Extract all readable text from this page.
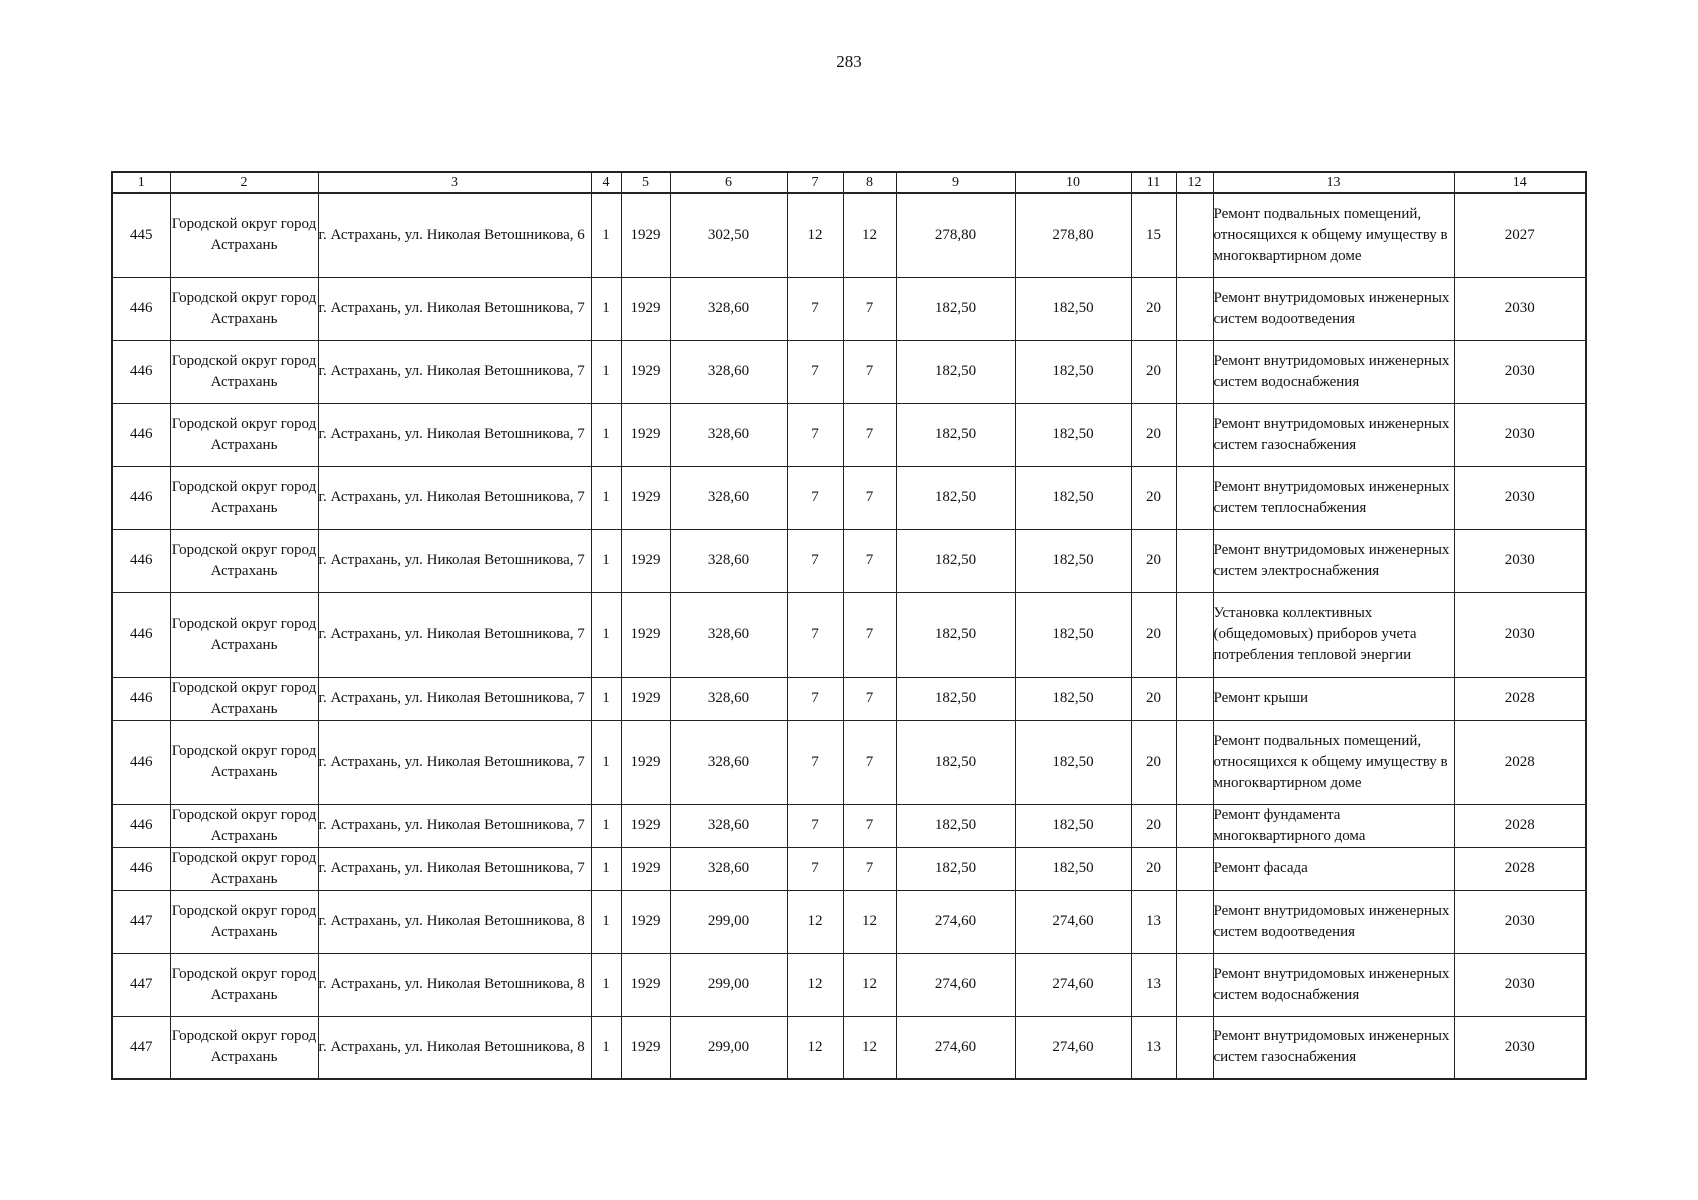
283
1	2	3	4	5	6	7	8	9	10	11	12	13	14
445	Городской округ город Астрахань	г. Астрахань, ул. Николая Ветошникова, 6	1	1929	302,50	12	12	278,80	278,80	15		Ремонт подвальных помещений, относящихся к общему имуществу в многоквартирном доме	2027
446	Городской округ город Астрахань	г. Астрахань, ул. Николая Ветошникова, 7	1	1929	328,60	7	7	182,50	182,50	20		Ремонт внутридомовых инженерных систем водоотведения	2030
446	Городской округ город Астрахань	г. Астрахань, ул. Николая Ветошникова, 7	1	1929	328,60	7	7	182,50	182,50	20		Ремонт внутридомовых инженерных систем водоснабжения	2030
446	Городской округ город Астрахань	г. Астрахань, ул. Николая Ветошникова, 7	1	1929	328,60	7	7	182,50	182,50	20		Ремонт внутридомовых инженерных систем газоснабжения	2030
446	Городской округ город Астрахань	г. Астрахань, ул. Николая Ветошникова, 7	1	1929	328,60	7	7	182,50	182,50	20		Ремонт внутридомовых инженерных систем теплоснабжения	2030
446	Городской округ город Астрахань	г. Астрахань, ул. Николая Ветошникова, 7	1	1929	328,60	7	7	182,50	182,50	20		Ремонт внутридомовых инженерных систем электроснабжения	2030
446	Городской округ город Астрахань	г. Астрахань, ул. Николая Ветошникова, 7	1	1929	328,60	7	7	182,50	182,50	20		Установка коллективных (общедомовых) приборов учета потребления тепловой энергии	2030
446	Городской округ город Астрахань	г. Астрахань, ул. Николая Ветошникова, 7	1	1929	328,60	7	7	182,50	182,50	20		Ремонт крыши	2028
446	Городской округ город Астрахань	г. Астрахань, ул. Николая Ветошникова, 7	1	1929	328,60	7	7	182,50	182,50	20		Ремонт подвальных помещений, относящихся к общему имуществу в многоквартирном доме	2028
446	Городской округ город Астрахань	г. Астрахань, ул. Николая Ветошникова, 7	1	1929	328,60	7	7	182,50	182,50	20		Ремонт фундамента многоквартирного дома	2028
446	Городской округ город Астрахань	г. Астрахань, ул. Николая Ветошникова, 7	1	1929	328,60	7	7	182,50	182,50	20		Ремонт фасада	2028
447	Городской округ город Астрахань	г. Астрахань, ул. Николая Ветошникова, 8	1	1929	299,00	12	12	274,60	274,60	13		Ремонт внутридомовых инженерных систем водоотведения	2030
447	Городской округ город Астрахань	г. Астрахань, ул. Николая Ветошникова, 8	1	1929	299,00	12	12	274,60	274,60	13		Ремонт внутридомовых инженерных систем водоснабжения	2030
447	Городской округ город Астрахань	г. Астрахань, ул. Николая Ветошникова, 8	1	1929	299,00	12	12	274,60	274,60	13		Ремонт внутридомовых инженерных систем газоснабжения	2030
